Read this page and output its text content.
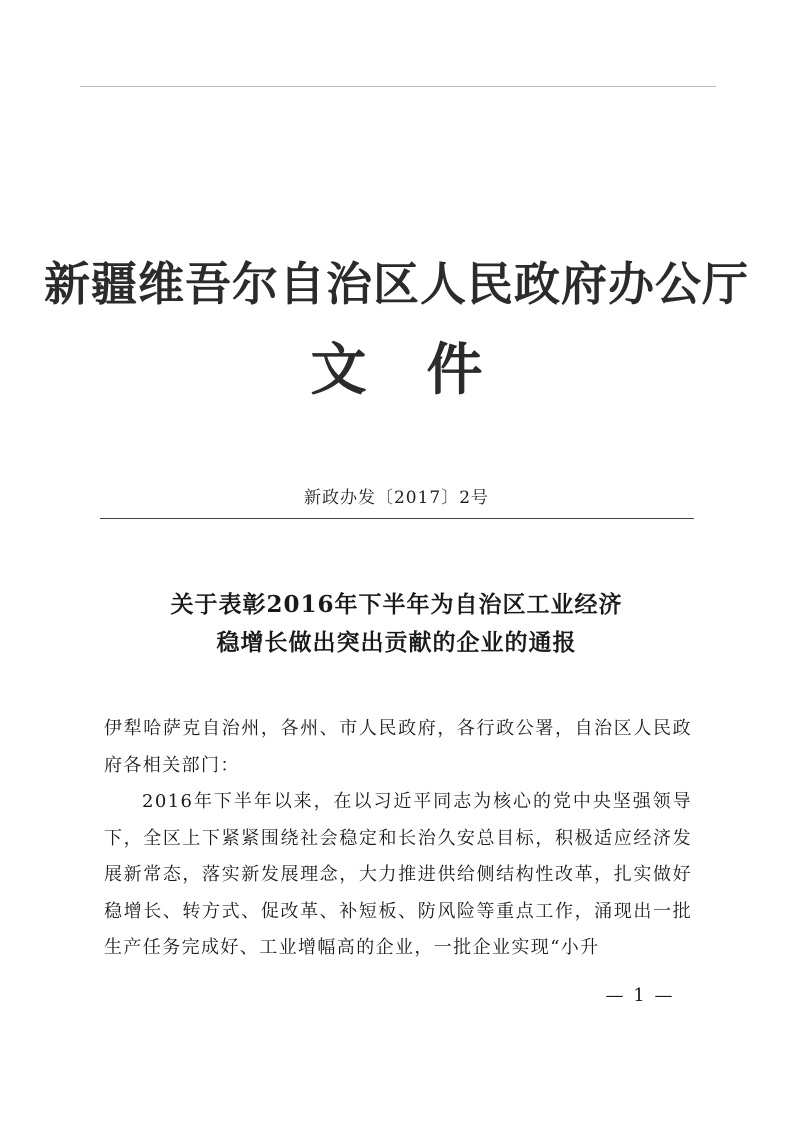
新疆维吾尔自治区人民政府办公厅
文件
新政办发〔2017〕2号
关于表彰2016年下半年为自治区工业经济
稳增长做出突出贡献的企业的通报

伊犁哈萨克自治州，各州、市人民政府，各行政公署，自治区人民政府各相关部门：

2016年下半年以来，在以习近平同志为核心的党中央坚强领导下，全区上下紧紧围绕社会稳定和长治久安总目标，积极适应经济发展新常态，落实新发展理念，大力推进供给侧结构性改革，扎实做好稳增长、转方式、促改革、补短板、防风险等重点工作，涌现出一批生产任务完成好、工业增幅高的企业，一批企业实现“小升

— 1 —
